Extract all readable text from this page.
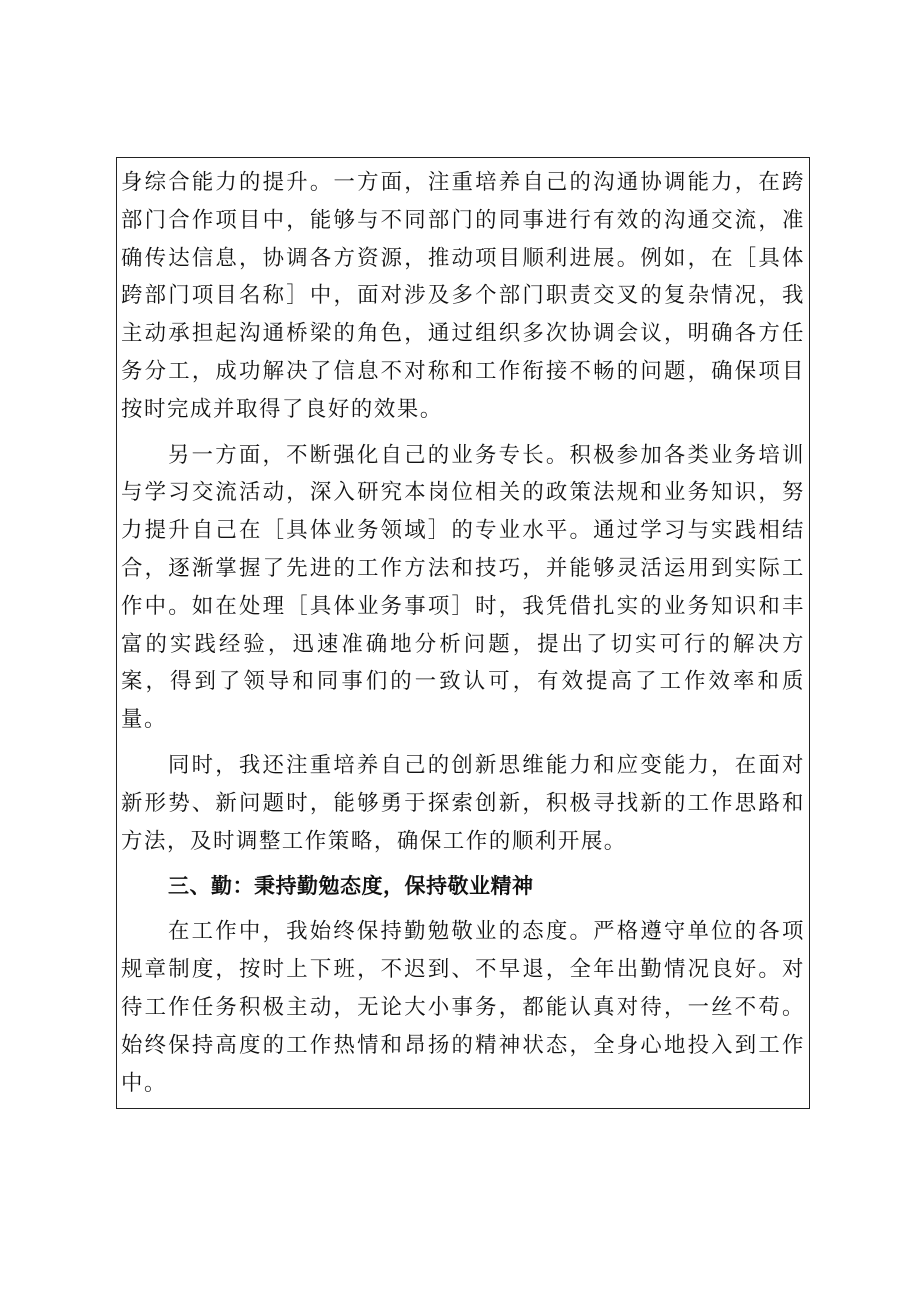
身综合能力的提升。一方面，注重培养自己的沟通协调能力，在跨部门合作项目中，能够与不同部门的同事进行有效的沟通交流，准确传达信息，协调各方资源，推动项目顺利进展。例如，在［具体跨部门项目名称］中，面对涉及多个部门职责交叉的复杂情况，我主动承担起沟通桥梁的角色，通过组织多次协调会议，明确各方任务分工，成功解决了信息不对称和工作衔接不畅的问题，确保项目按时完成并取得了良好的效果。

另一方面，不断强化自己的业务专长。积极参加各类业务培训与学习交流活动，深入研究本岗位相关的政策法规和业务知识，努力提升自己在［具体业务领域］的专业水平。通过学习与实践相结合，逐渐掌握了先进的工作方法和技巧，并能够灵活运用到实际工作中。如在处理［具体业务事项］时，我凭借扎实的业务知识和丰富的实践经验，迅速准确地分析问题，提出了切实可行的解决方案，得到了领导和同事们的一致认可，有效提高了工作效率和质量。

同时，我还注重培养自己的创新思维能力和应变能力，在面对新形势、新问题时，能够勇于探索创新，积极寻找新的工作思路和方法，及时调整工作策略，确保工作的顺利开展。

三、勤：秉持勤勉态度，保持敬业精神

在工作中，我始终保持勤勉敬业的态度。严格遵守单位的各项规章制度，按时上下班，不迟到、不早退，全年出勤情况良好。对待工作任务积极主动，无论大小事务，都能认真对待，一丝不苟。始终保持高度的工作热情和昂扬的精神状态，全身心地投入到工作中。
